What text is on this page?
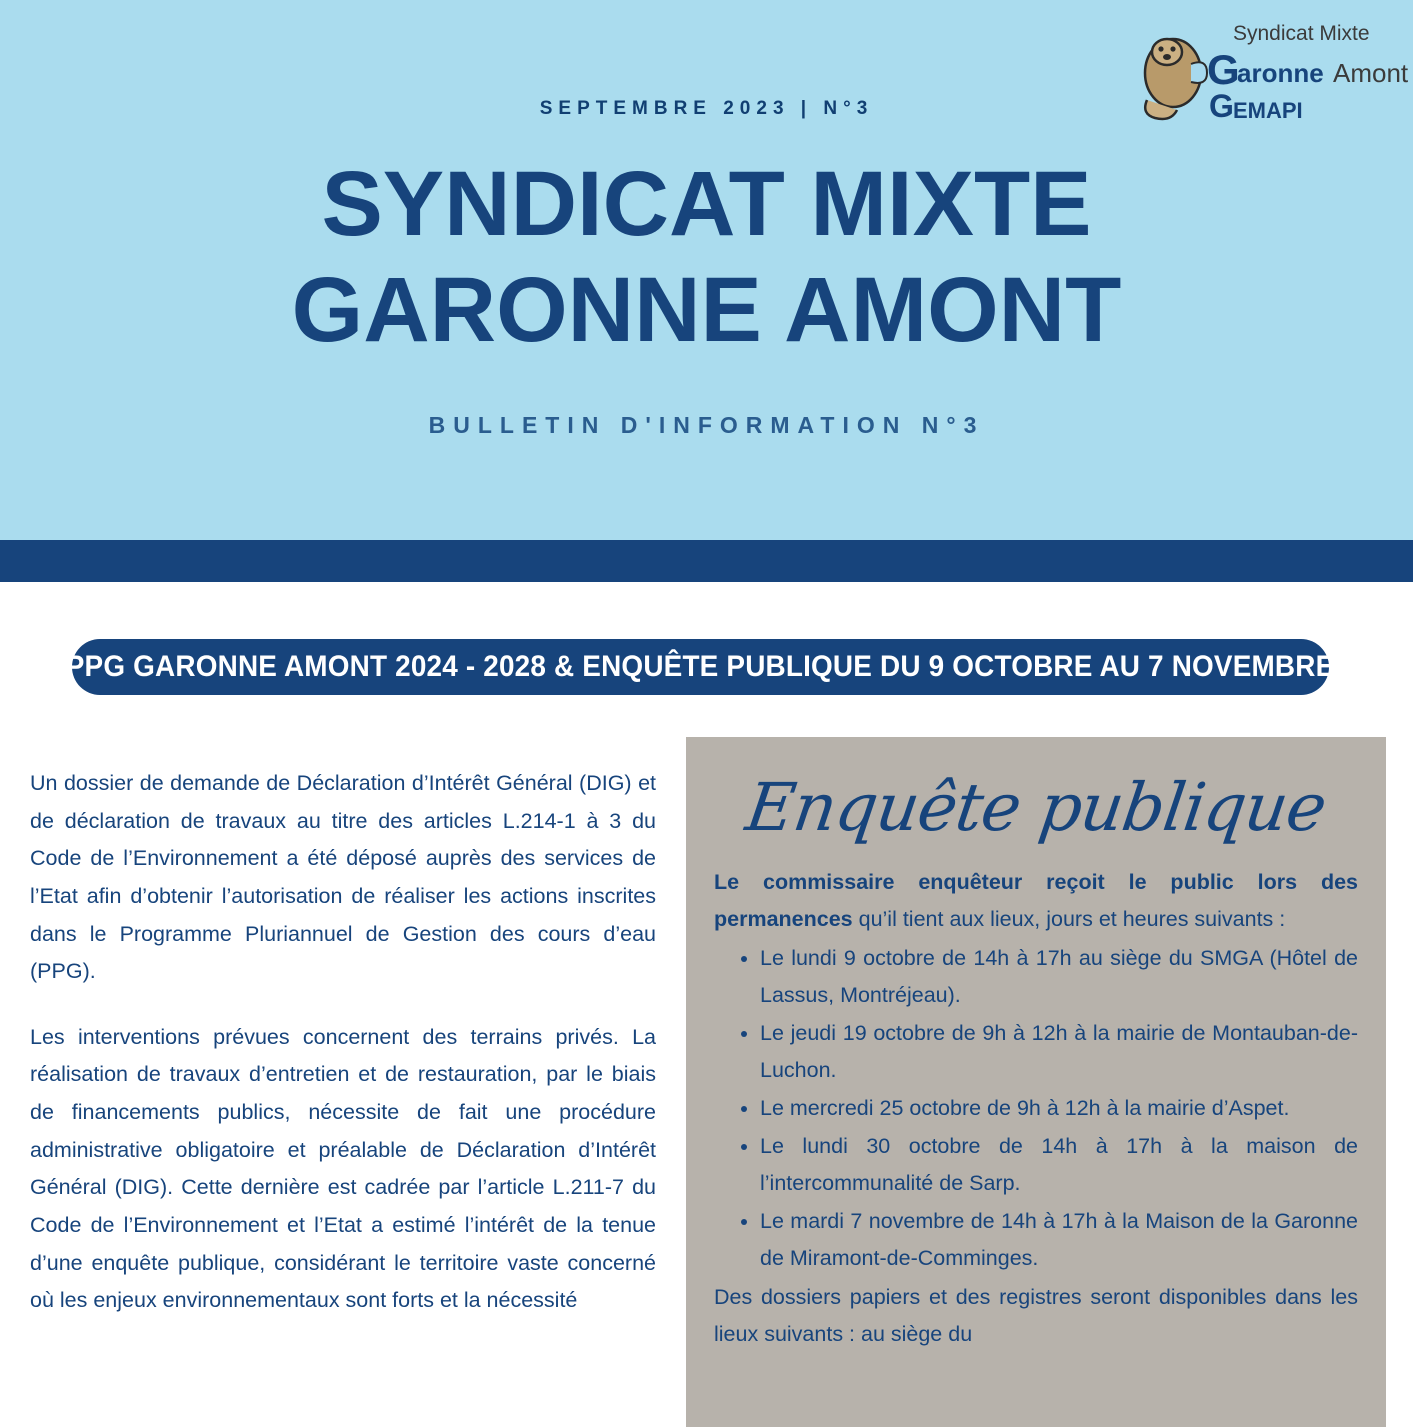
SEPTEMBRE 2023 | N°3
SYNDICAT MIXTE
GARONNE AMONT
BULLETIN D'INFORMATION N°3
Syndicat Mixte
G
aronne Amont
G EMAPI
PPG GARONNE AMONT 2024 - 2028 & ENQUÊTE PUBLIQUE DU 9 OCTOBRE AU 7 NOVEMBRE

Un dossier de demande de Déclaration d’Intérêt Général (DIG) et de déclaration de travaux au titre des articles L.214-1 à 3 du Code de l’Environnement a été déposé auprès des services de l’Etat afin d’obtenir l’autorisation de réaliser les actions inscrites dans le Programme Pluriannuel de Gestion des cours d’eau (PPG).

Les interventions prévues concernent des terrains privés. La réalisation de travaux d’entretien et de restauration, par le biais de financements publics, nécessite de fait une procédure administrative obligatoire et préalable de Déclaration d’Intérêt Général (DIG). Cette dernière est cadrée par l’article L.211-7 du Code de l’Environnement et l’Etat a estimé l’intérêt de la tenue d’une enquête publique, considérant le territoire vaste concerné où les enjeux environnementaux sont forts et la nécessité

Enquête publique

Le commissaire enquêteur reçoit le public lors des permanences qu’il tient aux lieux, jours et heures suivants :

• Le lundi 9 octobre de 14h à 17h au siège du SMGA (Hôtel de Lassus, Montréjeau).
• Le jeudi 19 octobre de 9h à 12h à la mairie de Montauban-de-Luchon.
• Le mercredi 25 octobre de 9h à 12h à la mairie d’Aspet.
• Le lundi 30 octobre de 14h à 17h à la maison de l’intercommunalité de Sarp.
• Le mardi 7 novembre de 14h à 17h à la Maison de la Garonne de Miramont-de-Comminges.

Des dossiers papiers et des registres seront disponibles dans les lieux suivants : au siège du
